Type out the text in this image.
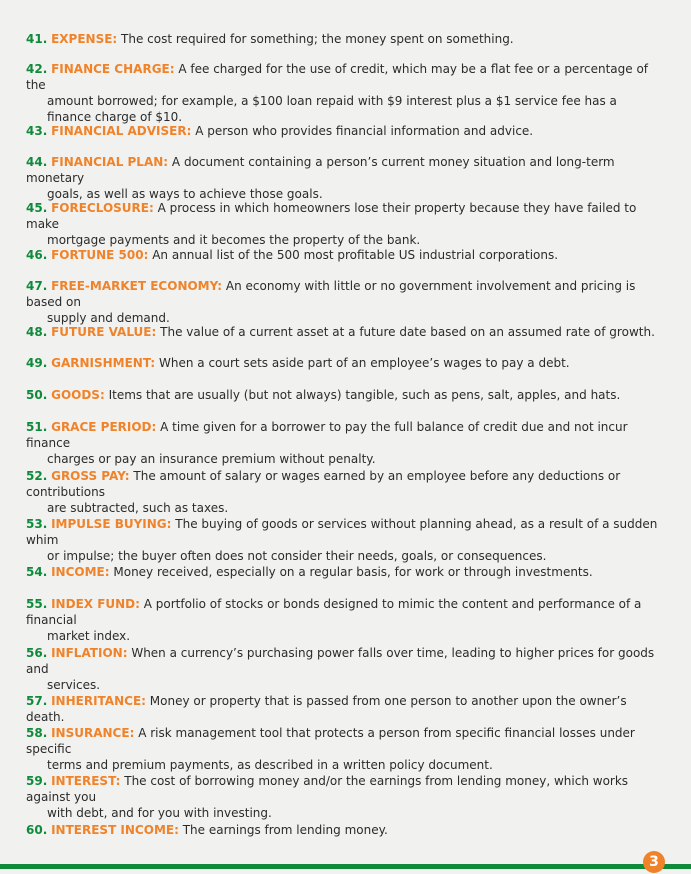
41. EXPENSE: The cost required for something; the money spent on something.
42. FINANCE CHARGE: A fee charged for the use of credit, which may be a flat fee or a percentage of the
amount borrowed; for example, a $100 loan repaid with $9 interest plus a $1 service fee has a finance charge of $10.
43. FINANCIAL ADVISER: A person who provides financial information and advice.
44. FINANCIAL PLAN: A document containing a person’s current money situation and long-term monetary
goals, as well as ways to achieve those goals.
45. FORECLOSURE: A process in which homeowners lose their property because they have failed to make
mortgage payments and it becomes the property of the bank.
46. FORTUNE 500: An annual list of the 500 most profitable US industrial corporations.
47. FREE-MARKET ECONOMY: An economy with little or no government involvement and pricing is based on
supply and demand.
48. FUTURE VALUE: The value of a current asset at a future date based on an assumed rate of growth.
49. GARNISHMENT: When a court sets aside part of an employee’s wages to pay a debt.
50. GOODS: Items that are usually (but not always) tangible, such as pens, salt, apples, and hats.
51. GRACE PERIOD: A time given for a borrower to pay the full balance of credit due and not incur finance
charges or pay an insurance premium without penalty.
52. GROSS PAY: The amount of salary or wages earned by an employee before any deductions or contributions
are subtracted, such as taxes.
53. IMPULSE BUYING: The buying of goods or services without planning ahead, as a result of a sudden whim
or impulse; the buyer often does not consider their needs, goals, or consequences.
54. INCOME: Money received, especially on a regular basis, for work or through investments.
55. INDEX FUND: A portfolio of stocks or bonds designed to mimic the content and performance of a financial
market index.
56. INFLATION: When a currency’s purchasing power falls over time, leading to higher prices for goods and
services.
57. INHERITANCE: Money or property that is passed from one person to another upon the owner’s death.
58. INSURANCE: A risk management tool that protects a person from specific financial losses under specific
terms and premium payments, as described in a written policy document.
59. INTEREST: The cost of borrowing money and/or the earnings from lending money, which works against you
with debt, and for you with investing.
60. INTEREST INCOME: The earnings from lending money.
3
